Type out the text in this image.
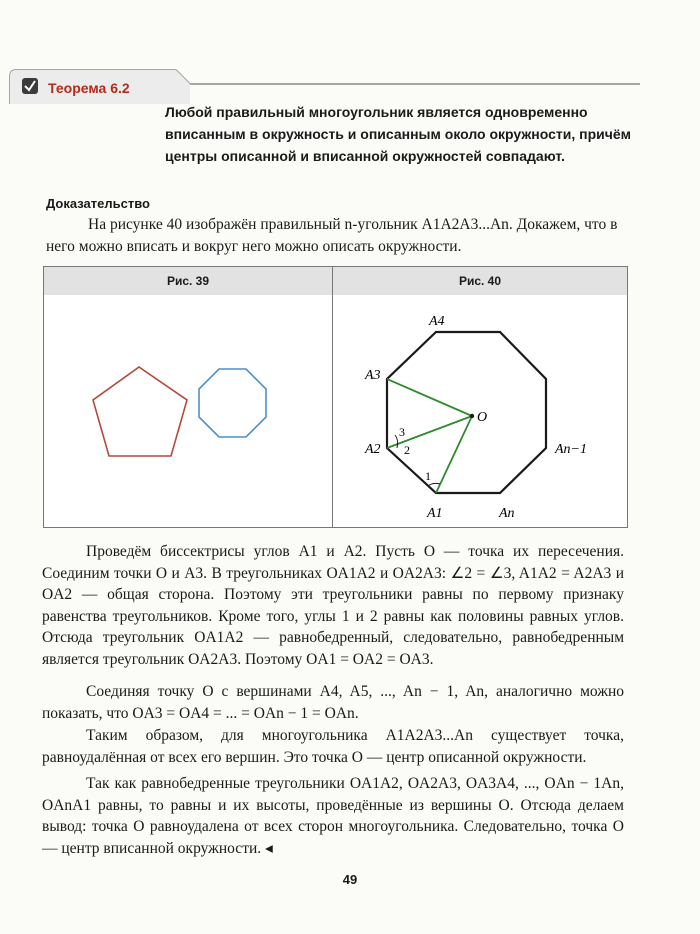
Теорема 6.2
Любой правильный многоугольник является одновременно вписанным в окружность и описанным около окружности, причём центры описанной и вписанной окружностей совпадают.
Доказательство
На рисунке 40 изображён правильный n-угольник A1A2A3...An. Докажем, что в него можно вписать и вокруг него можно описать окружности.
Рис. 39	Рис. 40
A4
A3
A2
A1	An
An−1
O
3
2
1
Проведём биссектрисы углов A1 и A2. Пусть O — точка их пересечения. Соединим точки O и A3. В треугольниках OA1A2 и OA2A3: ∠2 = ∠3, A1A2 = A2A3 и OA2 — общая сторона. Поэтому эти треугольники равны по первому признаку равенства треугольников. Кроме того, углы 1 и 2 равны как половины равных углов. Отсюда треугольник OA1A2 — равнобедренный, следовательно, равнобедренным является треугольник OA2A3. Поэтому OA1 = OA2 = OA3.
Соединяя точку O с вершинами A4, A5, ..., An − 1, An, аналогично можно показать, что OA3 = OA4 = ... = OAn − 1 = OAn.
Таким образом, для многоугольника A1A2A3...An существует точка, равноудалённая от всех его вершин. Это точка O — центр описанной окружности.
Так как равнобедренные треугольники OA1A2, OA2A3, OA3A4, ..., OAn − 1An, OAnA1 равны, то равны и их высоты, проведённые из вершины O. Отсюда делаем вывод: точка O равноудалена от всех сторон многоугольника. Следовательно, точка O — центр вписанной окружности. ◂
49
